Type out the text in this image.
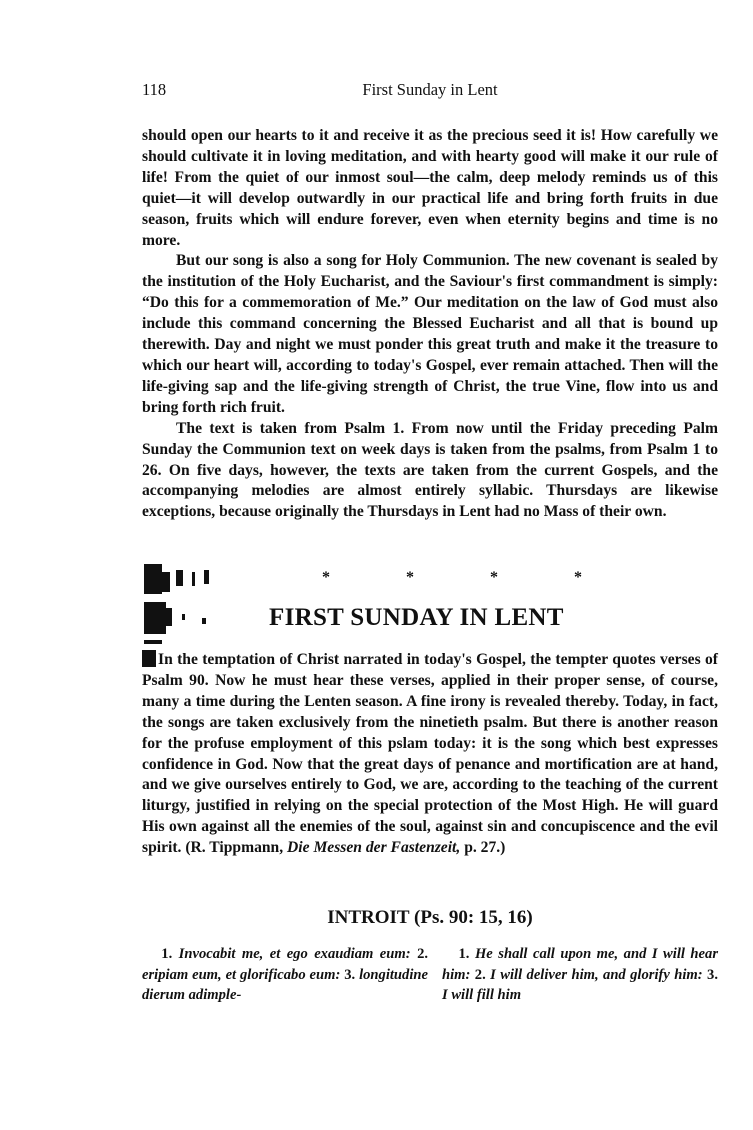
118	First Sunday in Lent

should open our hearts to it and receive it as the precious seed it is! How carefully we should cultivate it in loving meditation, and with hearty good will make it our rule of life! From the quiet of our inmost soul—the calm, deep melody reminds us of this quiet—it will develop outwardly in our practical life and bring forth fruits in due season, fruits which will endure forever, even when eternity begins and time is no more.

But our song is also a song for Holy Communion. The new covenant is sealed by the institution of the Holy Eucharist, and the Saviour's first commandment is simply: “Do this for a commemoration of Me.” Our meditation on the law of God must also include this command concerning the Blessed Eucharist and all that is bound up therewith. Day and night we must ponder this great truth and make it the treasure to which our heart will, according to today's Gospel, ever remain attached. Then will the life-giving sap and the life-giving strength of Christ, the true Vine, flow into us and bring forth rich fruit.

The text is taken from Psalm 1. From now until the Friday preceding Palm Sunday the Communion text on week days is taken from the psalms, from Psalm 1 to 26. On five days, however, the texts are taken from the current Gospels, and the accompanying melodies are almost entirely syllabic. Thursdays are likewise exceptions, because originally the Thursdays in Lent had no Mass of their own.

*	*	*	*
FIRST SUNDAY IN LENT
In the temptation of Christ narrated in today's Gospel, the tempter quotes verses of Psalm 90. Now he must hear these verses, applied in their proper sense, of course, many a time during the Lenten season. A fine irony is revealed thereby. Today, in fact, the songs are taken exclusively from the ninetieth psalm. But there is another reason for the profuse employment of this pslam today: it is the song which best expresses confidence in God. Now that the great days of penance and mortification are at hand, and we give ourselves entirely to God, we are, according to the teaching of the current liturgy, justified in relying on the special protection of the Most High. He will guard His own against all the enemies of the soul, against sin and concupiscence and the evil spirit. (R. Tippmann, Die Messen der Fastenzeit, p. 27.)
INTROIT (Ps. 90: 15, 16)
1. Invocabit me, et ego exaudiam eum: 2. eripiam eum, et glorificabo eum: 3. longitudine dierum adimple-
1. He shall call upon me, and I will hear him: 2. I will deliver him, and glorify him: 3. I will fill him
